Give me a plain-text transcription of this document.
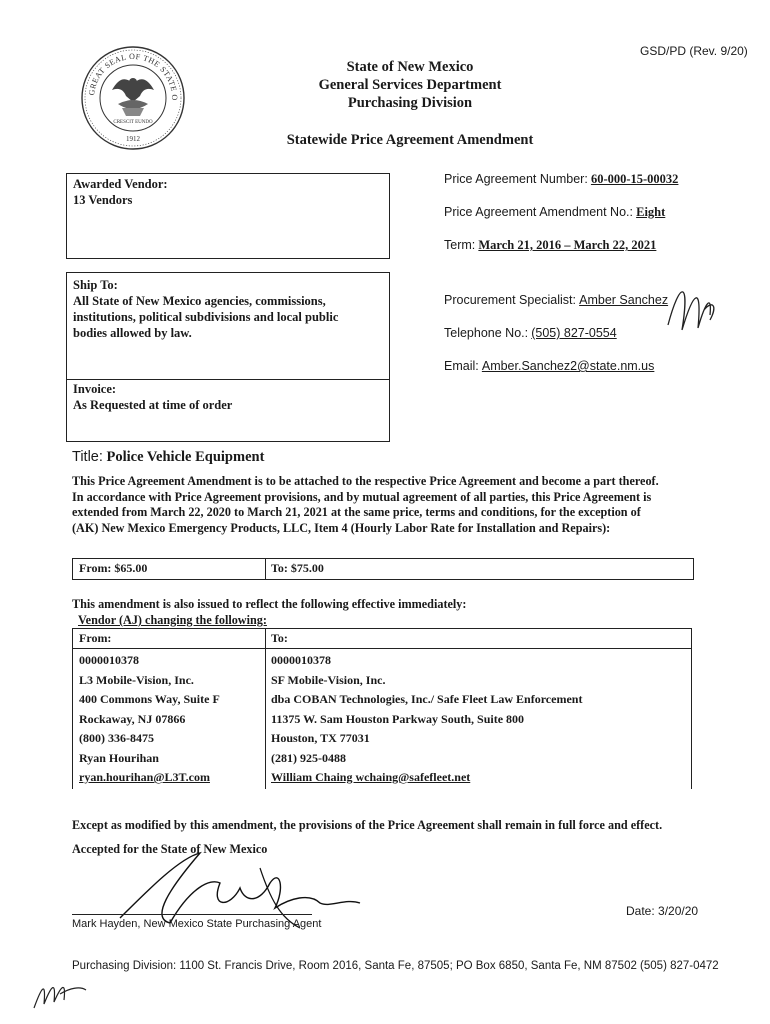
GSD/PD (Rev. 9/20)
GREAT SEAL OF THE STATE O
CRESCIT EUNDO
1912
State of New Mexico
General Services Department
Purchasing Division
Statewide Price Agreement Amendment
Awarded Vendor:
13 Vendors
Ship To:
All State of New Mexico agencies, commissions,
institutions, political subdivisions and local public
bodies allowed by law.
Invoice:
As Requested at time of order
Price Agreement Number: 60-000-15-00032
Price Agreement Amendment No.: Eight
Term: March 21, 2016 – March 22, 2021
Procurement Specialist: Amber Sanchez
Telephone No.: (505) 827-0554
Email: Amber.Sanchez2@state.nm.us
Title: Police Vehicle Equipment
This Price Agreement Amendment is to be attached to the respective Price Agreement and become a part thereof.
In accordance with Price Agreement provisions, and by mutual agreement of all parties, this Price Agreement is
extended from March 22, 2020 to March 21, 2021 at the same price, terms and conditions, for the exception of
(AK) New Mexico Emergency Products, LLC, Item 4 (Hourly Labor Rate for Installation and Repairs):
From: $65.00	To: $75.00
This amendment is also issued to reflect the following effective immediately:
Vendor (AJ) changing the following:
From:	To:
0000010378
L3 Mobile-Vision, Inc.
400 Commons Way, Suite F
Rockaway, NJ 07866
(800) 336-8475
Ryan Hourihan
ryan.hourihan@L3T.com
0000010378
SF Mobile-Vision, Inc.
dba COBAN Technologies, Inc./ Safe Fleet Law Enforcement
11375 W. Sam Houston Parkway South, Suite 800
Houston, TX 77031
(281) 925-0488
William Chaing wchaing@safefleet.net
Except as modified by this amendment, the provisions of the Price Agreement shall remain in full force and effect.
Accepted for the State of New Mexico
Mark Hayden, New Mexico State Purchasing Agent
Date: 3/20/20
Purchasing Division: 1100 St. Francis Drive, Room 2016, Santa Fe, 87505; PO Box 6850, Santa Fe, NM 87502 (505) 827-0472
